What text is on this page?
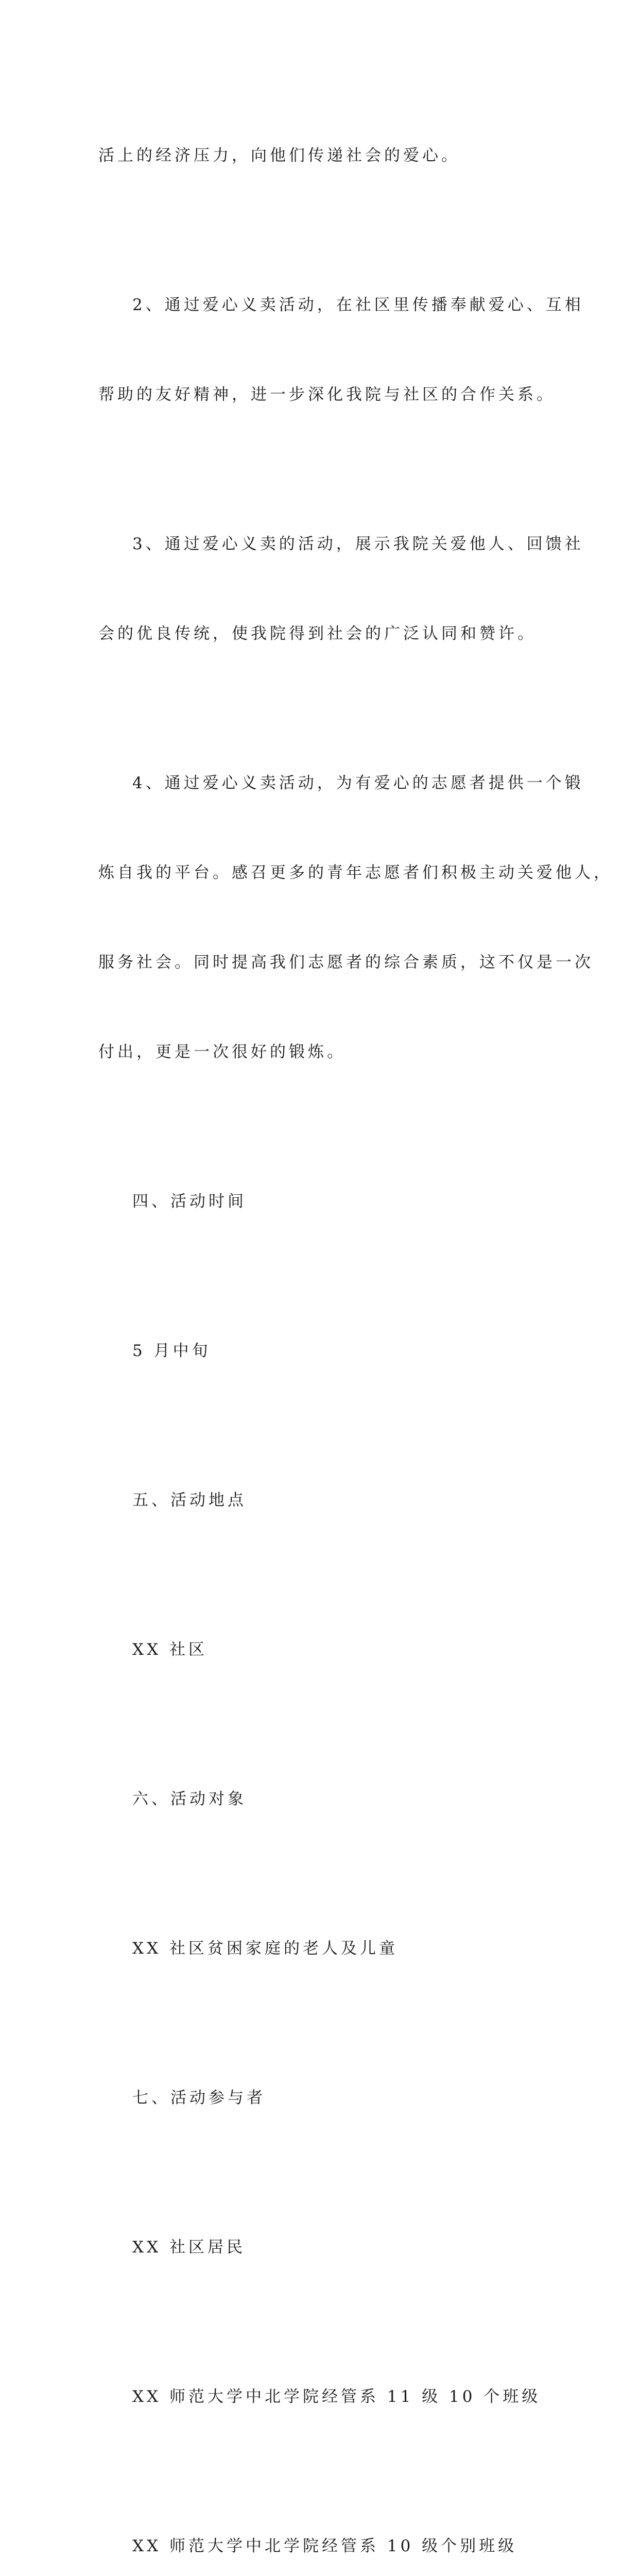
活上的经济压力，向他们传递社会的爱心。

2、通过爱心义卖活动，在社区里传播奉献爱心、互相

帮助的友好精神，进一步深化我院与社区的合作关系。

3、通过爱心义卖的活动，展示我院关爱他人、回馈社

会的优良传统，使我院得到社会的广泛认同和赞许。

4、通过爱心义卖活动，为有爱心的志愿者提供一个锻

炼自我的平台。感召更多的青年志愿者们积极主动关爱他人，

服务社会。同时提高我们志愿者的综合素质，这不仅是一次

付出，更是一次很好的锻炼。

四、活动时间

5 月中旬

五、活动地点

XX 社区

六、活动对象

XX 社区贫困家庭的老人及儿童

七、活动参与者

XX 社区居民

XX 师范大学中北学院经管系 11 级 10 个班级

XX 师范大学中北学院经管系 10 级个别班级
